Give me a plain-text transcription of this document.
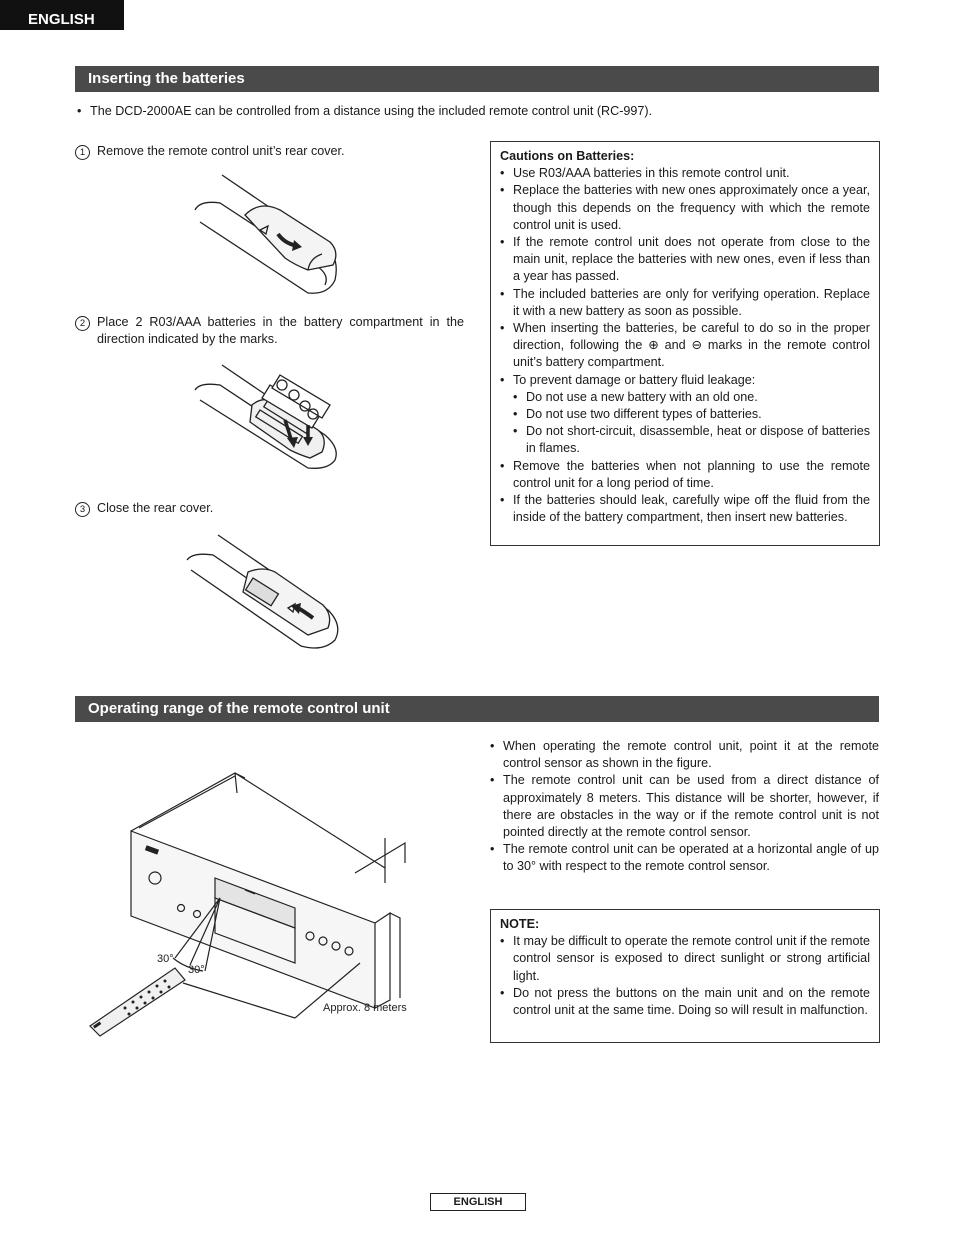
ENGLISH
Inserting the batteries
• The DCD-2000AE can be controlled from a distance using the included remote control unit (RC-997).
1 Remove the remote control unit’s rear cover.
2 Place 2 R03/AAA batteries in the battery compartment in the direction indicated by the marks.
3 Close the rear cover.
Cautions on Batteries:
• Use R03/AAA batteries in this remote control unit.
• Replace the batteries with new ones approximately once a year, though this depends on the frequency with which the remote control unit is used.
• If the remote control unit does not operate from close to the main unit, replace the batteries with new ones, even if less than a year has passed.
• The included batteries are only for verifying operation. Replace it with a new battery as soon as possible.
• When inserting the batteries, be careful to do so in the proper direction, following the ⊕ and ⊖ marks in the remote control unit’s battery compartment.
• To prevent damage or battery fluid leakage:
• Do not use a new battery with an old one.
• Do not use two different types of batteries.
• Do not short-circuit, disassemble, heat or dispose of batteries in flames.
• Remove the batteries when not planning to use the remote control unit for a long period of time.
• If the batteries should leak, carefully wipe off the fluid from the inside of the battery compartment, then insert new batteries.
Operating range of the remote control unit
• When operating the remote control unit, point it at the remote control sensor as shown in the figure.
• The remote control unit can be used from a direct distance of approximately 8 meters. This distance will be shorter, however, if there are obstacles in the way or if the remote control unit is not pointed directly at the remote control sensor.
• The remote control unit can be operated at a horizontal angle of up to 30° with respect to the remote control sensor.
30°
30°
Approx. 8 meters
NOTE:
• It may be difficult to operate the remote control unit if the remote control sensor is exposed to direct sunlight or strong artificial light.
• Do not press the buttons on the main unit and on the remote control unit at the same time. Doing so will result in malfunction.
ENGLISH
